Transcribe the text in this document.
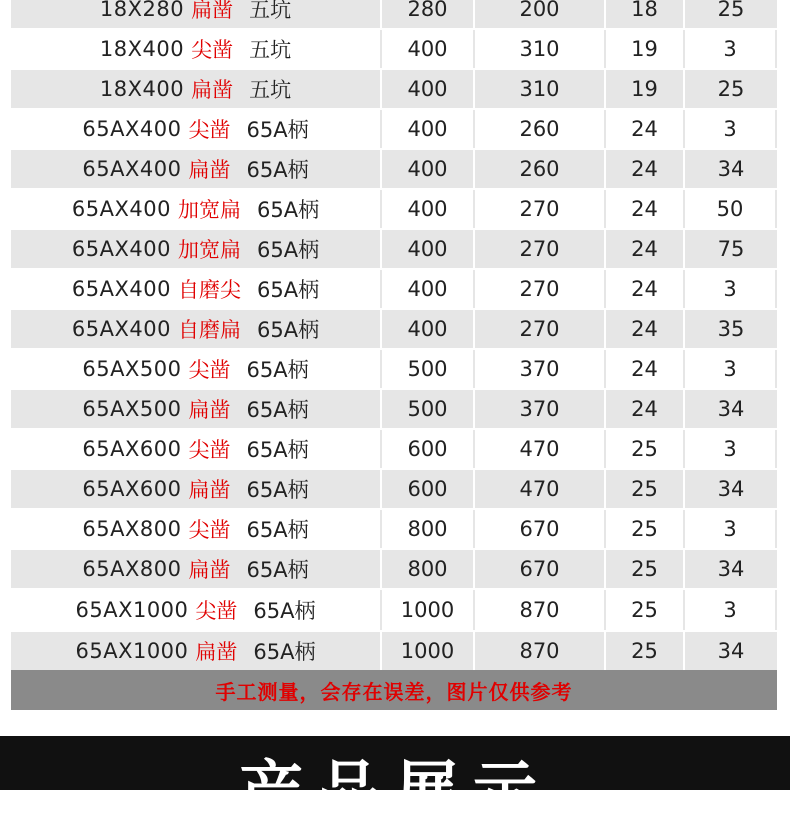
18X280 扁凿 五坑	280	200	18	25
18X400 尖凿 五坑	400	310	19	3
18X400 扁凿 五坑	400	310	19	25
65AX400 尖凿 65A柄	400	260	24	3
65AX400 扁凿 65A柄	400	260	24	34
65AX400 加宽扁 65A柄	400	270	24	50
65AX400 加宽扁 65A柄	400	270	24	75
65AX400 自磨尖 65A柄	400	270	24	3
65AX400 自磨扁 65A柄	400	270	24	35
65AX500 尖凿 65A柄	500	370	24	3
65AX500 扁凿 65A柄	500	370	24	34
65AX600 尖凿 65A柄	600	470	25	3
65AX600 扁凿 65A柄	600	470	25	34
65AX800 尖凿 65A柄	800	670	25	3
65AX800 扁凿 65A柄	800	670	25	34
65AX1000 尖凿 65A柄	1000	870	25	3
65AX1000 扁凿 65A柄	1000	870	25	34
手工测量，会存在误差，图片仅供参考
产品展示
